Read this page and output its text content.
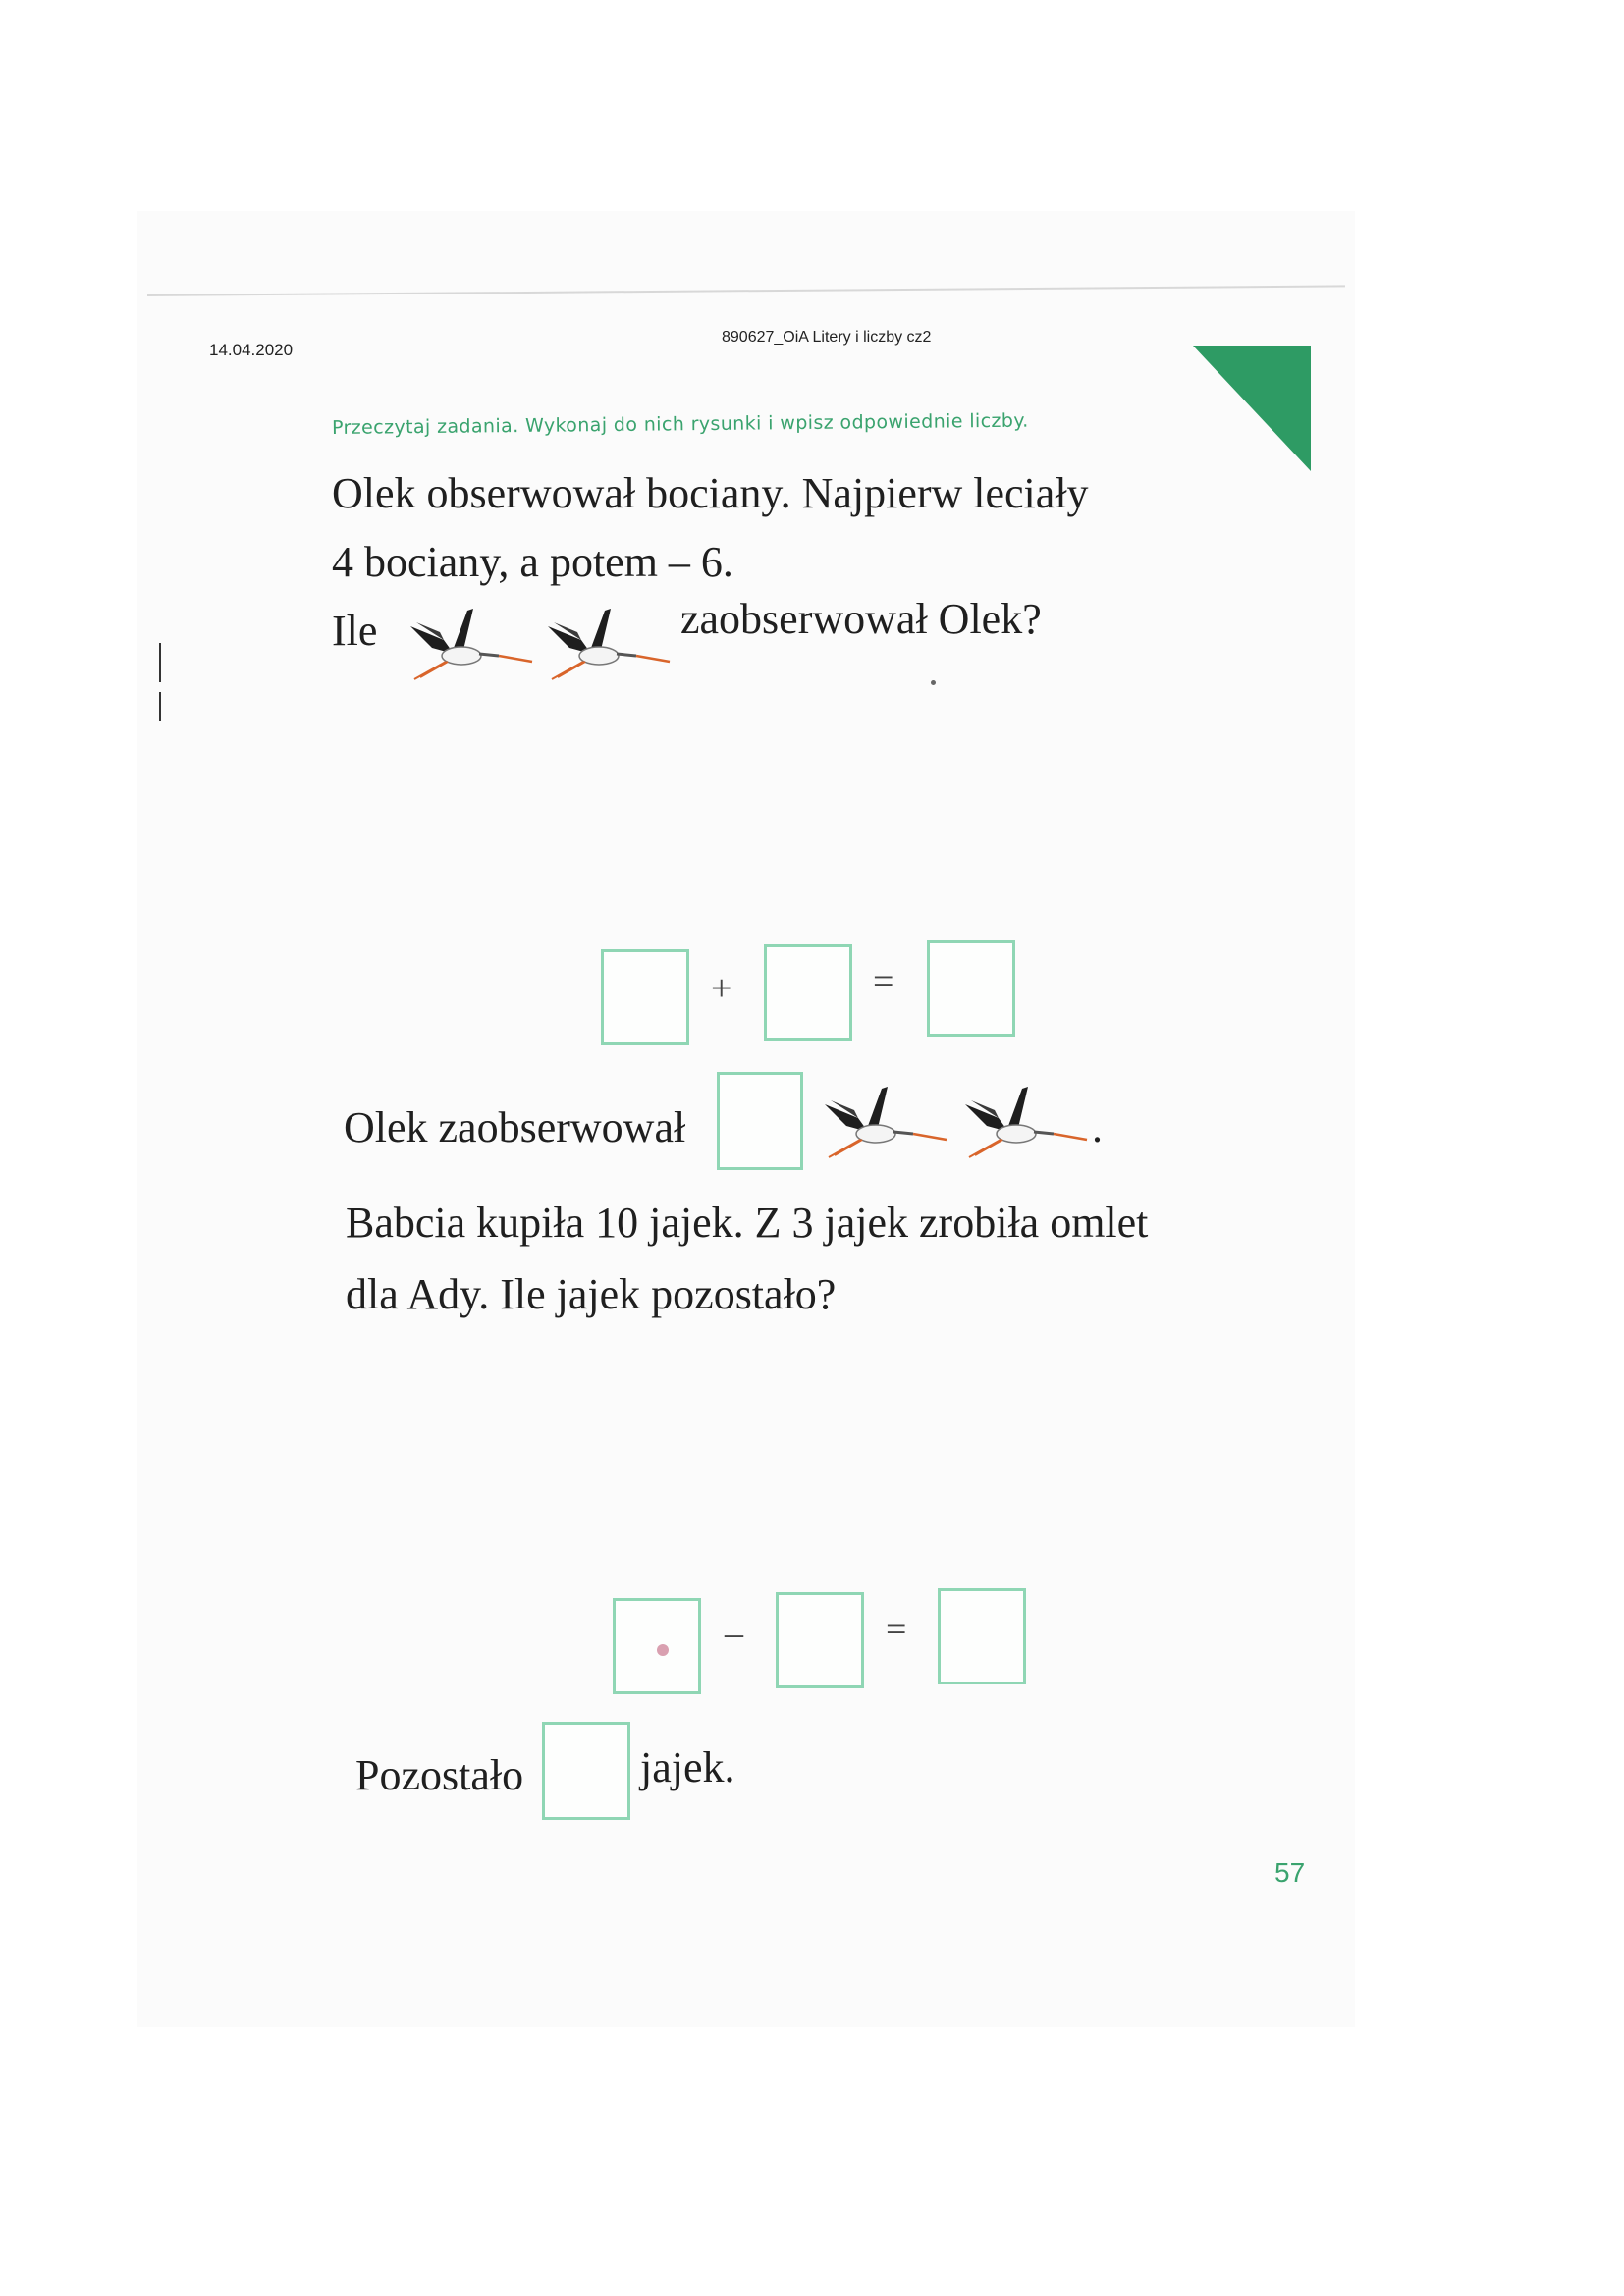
14.04.2020
890627_OiA Litery i liczby cz2
Przeczytaj zadania. Wykonaj do nich rysunki i wpisz odpowiednie liczby.
Olek obserwował bociany. Najpierw leciały
4 bociany, a potem – 6.
Ile	zaobserwował Olek?
+	=
Olek zaobserwował	.
Babcia kupiła 10 jajek. Z 3 jajek zrobiła omlet
dla Ady. Ile jajek pozostało?
–	=
Pozostało	jajek.
57
